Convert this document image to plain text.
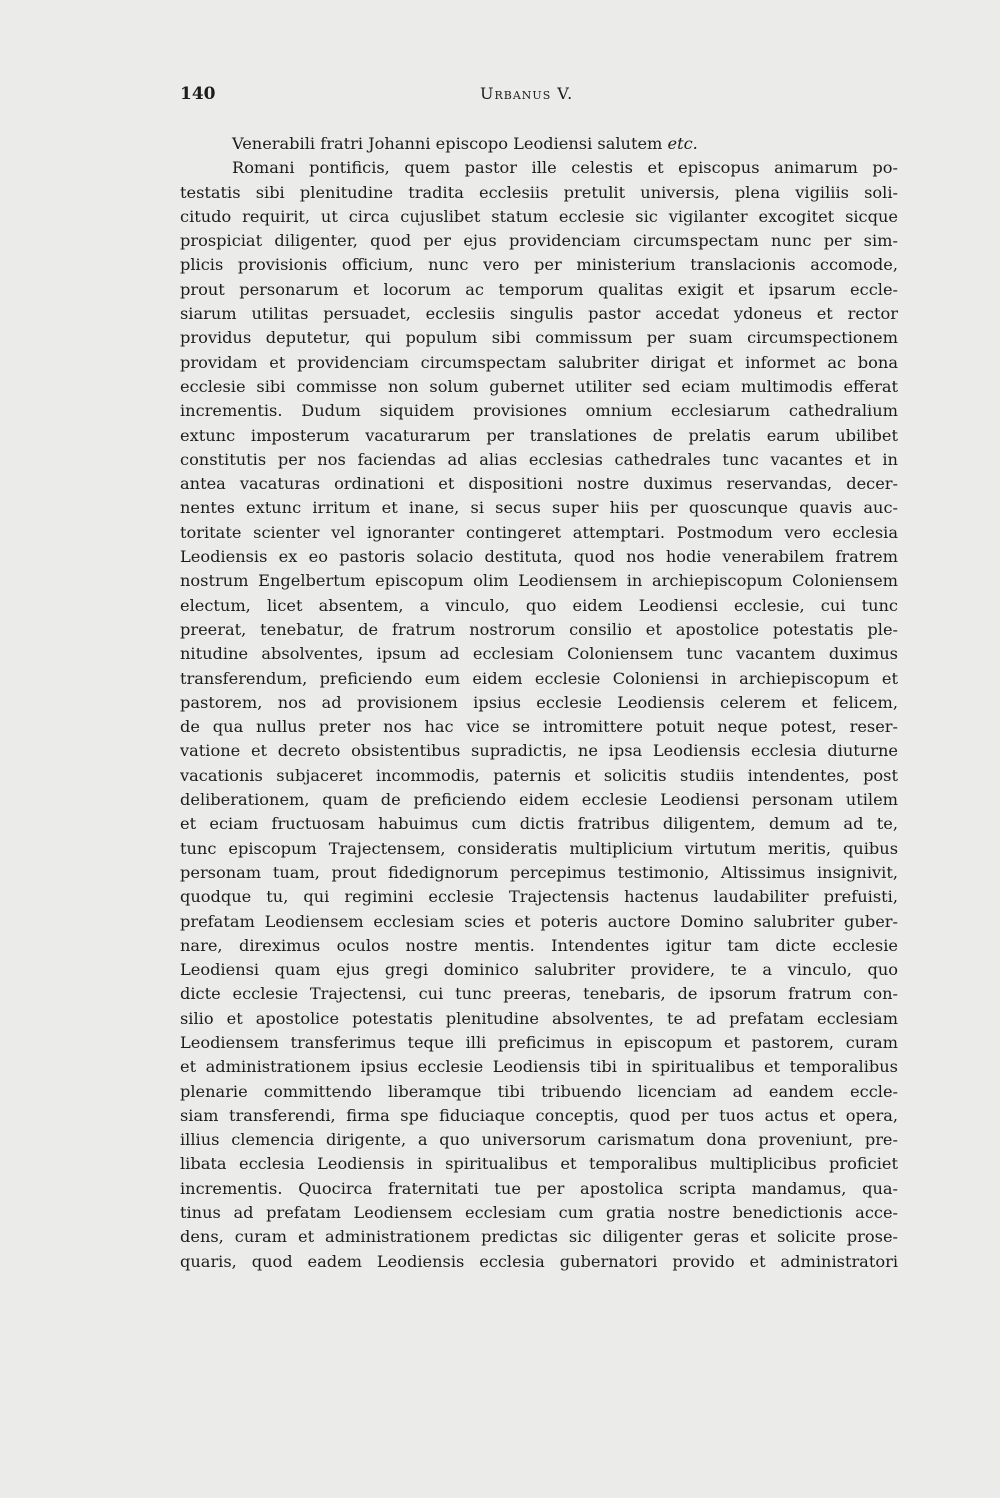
140	Urbanus V.
Venerabili fratri Johanni episcopo Leodiensi salutem etc.
Romani pontificis, quem pastor ille celestis et episcopus animarum po-
testatis sibi plenitudine tradita ecclesiis pretulit universis, plena vigiliis soli-
citudo requirit, ut circa cujuslibet statum ecclesie sic vigilanter excogitet sicque
prospiciat diligenter, quod per ejus providenciam circumspectam nunc per sim-
plicis provisionis officium, nunc vero per ministerium translacionis accomode,
prout personarum et locorum ac temporum qualitas exigit et ipsarum eccle-
siarum utilitas persuadet, ecclesiis singulis pastor accedat ydoneus et rector
providus deputetur, qui populum sibi commissum per suam circumspectionem
providam et providenciam circumspectam salubriter dirigat et informet ac bona
ecclesie sibi commisse non solum gubernet utiliter sed eciam multimodis efferat
incrementis. Dudum siquidem provisiones omnium ecclesiarum cathedralium
extunc imposterum vacaturarum per translationes de prelatis earum ubilibet
constitutis per nos faciendas ad alias ecclesias cathedrales tunc vacantes et in
antea vacaturas ordinationi et dispositioni nostre duximus reservandas, decer-
nentes extunc irritum et inane, si secus super hiis per quoscunque quavis auc-
toritate scienter vel ignoranter contingeret attemptari. Postmodum vero ecclesia
Leodiensis ex eo pastoris solacio destituta, quod nos hodie venerabilem fratrem
nostrum Engelbertum episcopum olim Leodiensem in archiepiscopum Coloniensem
electum, licet absentem, a vinculo, quo eidem Leodiensi ecclesie, cui tunc
preerat, tenebatur, de fratrum nostrorum consilio et apostolice potestatis ple-
nitudine absolventes, ipsum ad ecclesiam Coloniensem tunc vacantem duximus
transferendum, preficiendo eum eidem ecclesie Coloniensi in archiepiscopum et
pastorem, nos ad provisionem ipsius ecclesie Leodiensis celerem et felicem,
de qua nullus preter nos hac vice se intromittere potuit neque potest, reser-
vatione et decreto obsistentibus supradictis, ne ipsa Leodiensis ecclesia diuturne
vacationis subjaceret incommodis, paternis et solicitis studiis intendentes, post
deliberationem, quam de preficiendo eidem ecclesie Leodiensi personam utilem
et eciam fructuosam habuimus cum dictis fratribus diligentem, demum ad te,
tunc episcopum Trajectensem, consideratis multiplicium virtutum meritis, quibus
personam tuam, prout fidedignorum percepimus testimonio, Altissimus insignivit,
quodque tu, qui regimini ecclesie Trajectensis hactenus laudabiliter prefuisti,
prefatam Leodiensem ecclesiam scies et poteris auctore Domino salubriter guber-
nare, direximus oculos nostre mentis. Intendentes igitur tam dicte ecclesie
Leodiensi quam ejus gregi dominico salubriter providere, te a vinculo, quo
dicte ecclesie Trajectensi, cui tunc preeras, tenebaris, de ipsorum fratrum con-
silio et apostolice potestatis plenitudine absolventes, te ad prefatam ecclesiam
Leodiensem transferimus teque illi preficimus in episcopum et pastorem, curam
et administrationem ipsius ecclesie Leodiensis tibi in spiritualibus et temporalibus
plenarie committendo liberamque tibi tribuendo licenciam ad eandem eccle-
siam transferendi, firma spe fiduciaque conceptis, quod per tuos actus et opera,
illius clemencia dirigente, a quo universorum carismatum dona proveniunt, pre-
libata ecclesia Leodiensis in spiritualibus et temporalibus multiplicibus proficiet
incrementis. Quocirca fraternitati tue per apostolica scripta mandamus, qua-
tinus ad prefatam Leodiensem ecclesiam cum gratia nostre benedictionis acce-
dens, curam et administrationem predictas sic diligenter geras et solicite prose-
quaris, quod eadem Leodiensis ecclesia gubernatori provido et administratori
